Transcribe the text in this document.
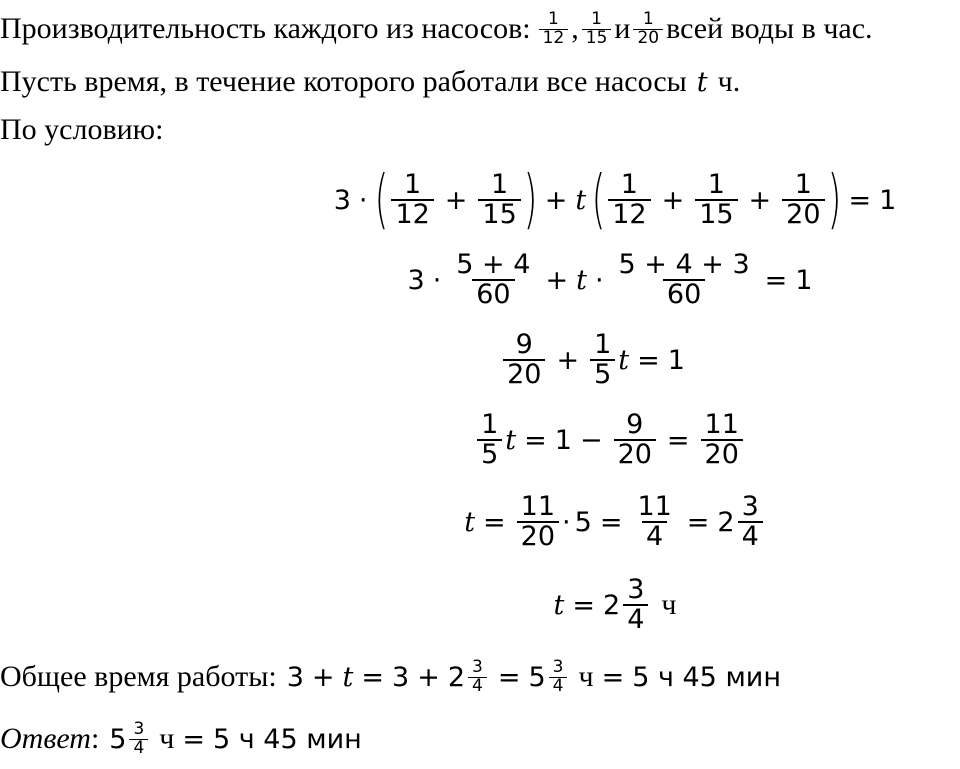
Производительность каждого из насосов: $\frac{1}{12}$ , $\frac{1}{15}$ и $\frac{1}{20}$ всей воды в час.
Пусть время, в течение которого работали все насосы t ч.
По условию:
3 · ( $\frac{1}{12} + \frac{1}{15}$ ) + t ( $\frac{1}{12} + \frac{1}{15} + \frac{1}{20}$ ) = 1
$3 \cdot \frac{5 + 4}{60} + t \cdot \frac{5 + 4 + 3}{60} = 1$
$\frac{9}{20} + \frac{1}{5}$ t = 1
$\frac{1}{5}$ $t = 1 - \frac{9}{20} = \frac{11}{20}$
$t = \frac{11}{20} \cdot 5 = \frac{11}{4} = 2 \frac{3}{4}$
$t = 2 \frac{3}{4}$ ч
Общее время работы: $3 + t = 3 + 2 \frac{3}{4} = 5 \frac{3}{4}$ ч = 5 ч 45 мин
Ответ : $5 \frac{3}{4}$ ч = 5 ч 45 мин
